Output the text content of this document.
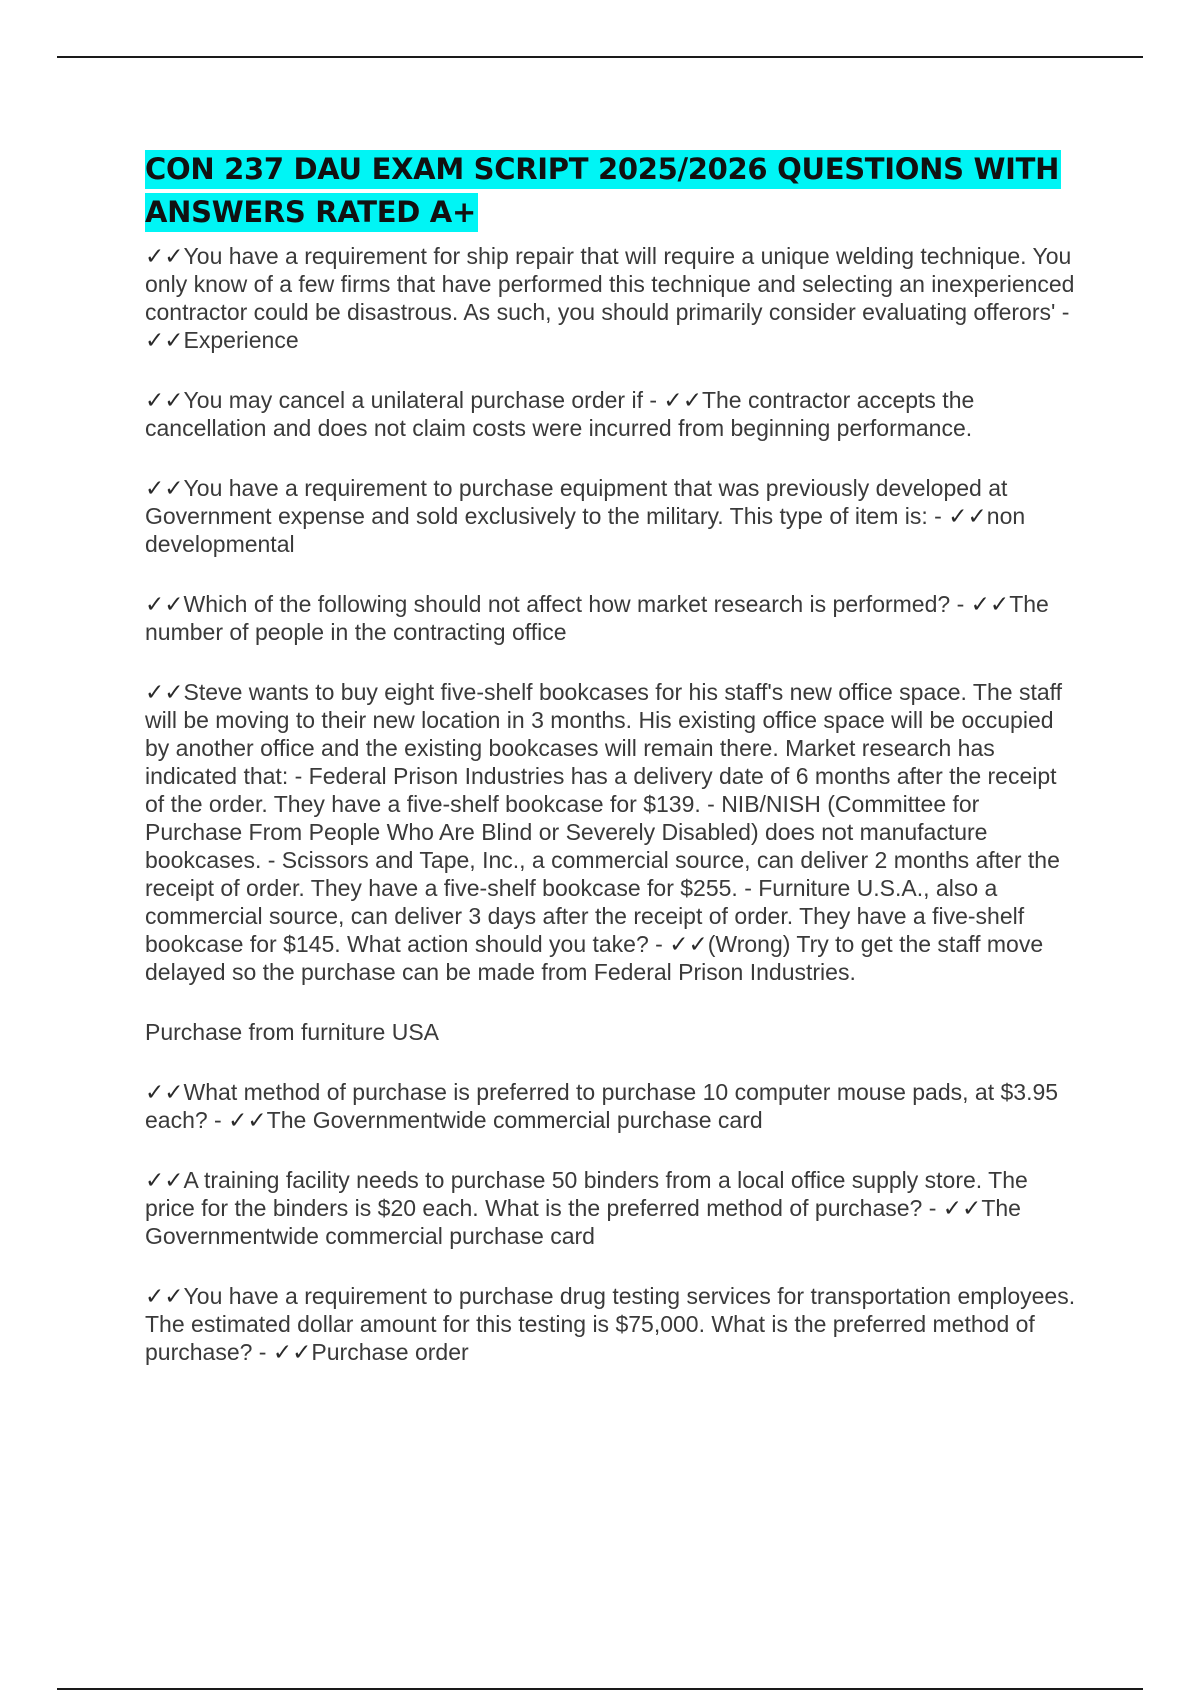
CON 237 DAU EXAM SCRIPT 2025/2026 QUESTIONS WITH ANSWERS RATED A+

✓✓You have a requirement for ship repair that will require a unique welding technique. You only know of a few firms that have performed this technique and selecting an inexperienced contractor could be disastrous. As such, you should primarily consider evaluating offerors' - ✓✓Experience

✓✓You may cancel a unilateral purchase order if - ✓✓The contractor accepts the cancellation and does not claim costs were incurred from beginning performance.

✓✓You have a requirement to purchase equipment that was previously developed at Government expense and sold exclusively to the military. This type of item is: - ✓✓non developmental

✓✓Which of the following should not affect how market research is performed? - ✓✓The number of people in the contracting office

✓✓Steve wants to buy eight five-shelf bookcases for his staff's new office space. The staff will be moving to their new location in 3 months. His existing office space will be occupied by another office and the existing bookcases will remain there. Market research has indicated that: - Federal Prison Industries has a delivery date of 6 months after the receipt of the order. They have a five-shelf bookcase for $139. - NIB/NISH (Committee for Purchase From People Who Are Blind or Severely Disabled) does not manufacture bookcases. - Scissors and Tape, Inc., a commercial source, can deliver 2 months after the receipt of order. They have a five-shelf bookcase for $255. - Furniture U.S.A., also a commercial source, can deliver 3 days after the receipt of order. They have a five-shelf bookcase for $145. What action should you take? - ✓✓(Wrong) Try to get the staff move delayed so the purchase can be made from Federal Prison Industries.

Purchase from furniture USA

✓✓What method of purchase is preferred to purchase 10 computer mouse pads, at $3.95 each? - ✓✓The Governmentwide commercial purchase card

✓✓A training facility needs to purchase 50 binders from a local office supply store. The price for the binders is $20 each. What is the preferred method of purchase? - ✓✓The Governmentwide commercial purchase card

✓✓You have a requirement to purchase drug testing services for transportation employees. The estimated dollar amount for this testing is $75,000. What is the preferred method of purchase? - ✓✓Purchase order
